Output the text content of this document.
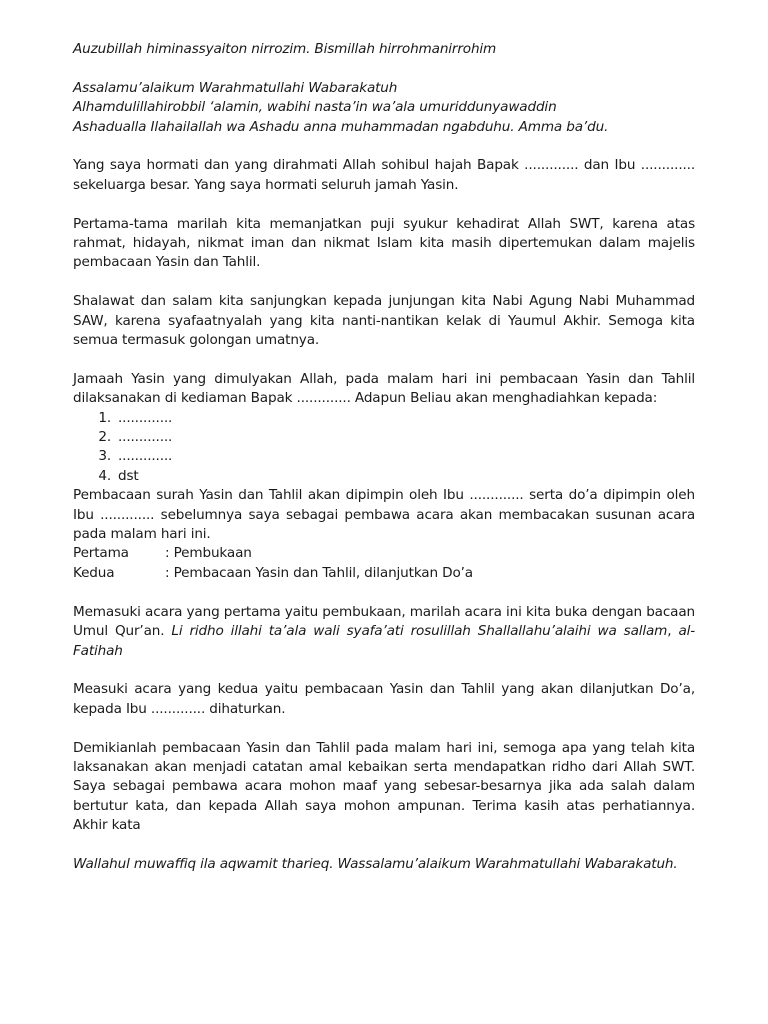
Auzubillah himinassyaiton nirrozim. Bismillah hirrohmanirrohim

Assalamu’alaikum Warahmatullahi Wabarakatuh
Alhamdulillahirobbil ‘alamin, wabihi nasta’in wa’ala umuriddunyawaddin
Ashadualla Ilahailallah wa Ashadu anna muhammadan ngabduhu. Amma ba’du.

Yang saya hormati dan yang dirahmati Allah sohibul hajah Bapak ............. dan Ibu ............. sekeluarga besar. Yang saya hormati seluruh jamah Yasin.

Pertama-tama marilah kita memanjatkan puji syukur kehadirat Allah SWT, karena atas rahmat, hidayah, nikmat iman dan nikmat Islam kita masih dipertemukan dalam majelis pembacaan Yasin dan Tahlil.

Shalawat dan salam kita sanjungkan kepada junjungan kita Nabi Agung Nabi Muhammad SAW, karena syafaatnyalah yang kita nanti-nantikan kelak di Yaumul Akhir. Semoga kita semua termasuk golongan umatnya.

Jamaah Yasin yang dimulyakan Allah, pada malam hari ini pembacaan Yasin dan Tahlil dilaksanakan di kediaman Bapak ............. Adapun Beliau akan menghadiahkan kepada:

1. .............
2. .............
3. .............
4. dst

Pembacaan surah Yasin dan Tahlil akan dipimpin oleh Ibu ............. serta do’a dipimpin oleh Ibu ............. sebelumnya saya sebagai pembawa acara akan membacakan susunan acara pada malam hari ini.

Pertama	: Pembukaan
Kedua	: Pembacaan Yasin dan Tahlil, dilanjutkan Do’a

Memasuki acara yang pertama yaitu pembukaan, marilah acara ini kita buka dengan bacaan Umul Qur’an. Li ridho illahi ta’ala wali syafa’ati rosulillah Shallallahu’alaihi wa sallam, al-Fatihah

Measuki acara yang kedua yaitu pembacaan Yasin dan Tahlil yang akan dilanjutkan Do’a, kepada Ibu ............. dihaturkan.

Demikianlah pembacaan Yasin dan Tahlil pada malam hari ini, semoga apa yang telah kita laksanakan akan menjadi catatan amal kebaikan serta mendapatkan ridho dari Allah SWT. Saya sebagai pembawa acara mohon maaf yang sebesar-besarnya jika ada salah dalam bertutur kata, dan kepada Allah saya mohon ampunan. Terima kasih atas perhatiannya. Akhir kata

Wallahul muwaffiq ila aqwamit tharieq. Wassalamu’alaikum Warahmatullahi Wabarakatuh.
